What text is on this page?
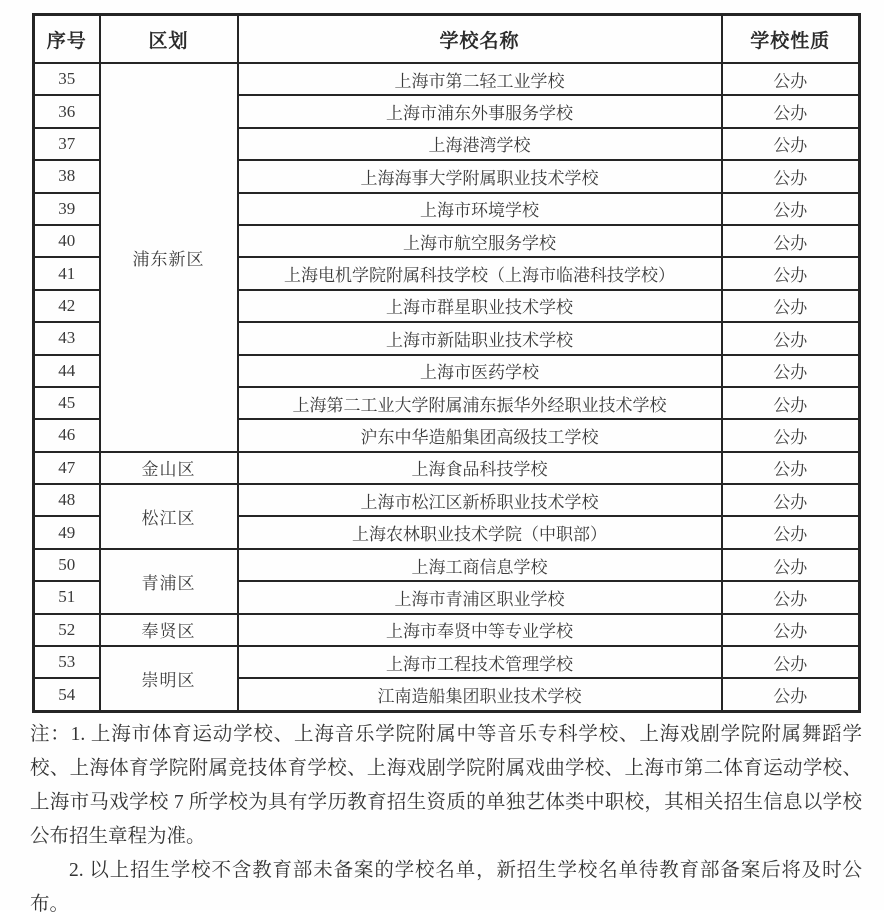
序号	区划	学校名称	学校性质
35	浦东新区	上海市第二轻工业学校	公办
36		上海市浦东外事服务学校	公办
37		上海港湾学校	公办
38		上海海事大学附属职业技术学校	公办
39		上海市环境学校	公办
40		上海市航空服务学校	公办
41		上海电机学院附属科技学校（上海市临港科技学校）	公办
42		上海市群星职业技术学校	公办
43		上海市新陆职业技术学校	公办
44		上海市医药学校	公办
45		上海第二工业大学附属浦东振华外经职业技术学校	公办
46		沪东中华造船集团高级技工学校	公办
47	金山区	上海食品科技学校	公办
48	松江区	上海市松江区新桥职业技术学校	公办
49		上海农林职业技术学院（中职部）	公办
50	青浦区	上海工商信息学校	公办
51		上海市青浦区职业学校	公办
52	奉贤区	上海市奉贤中等专业学校	公办
53	崇明区	上海市工程技术管理学校	公办
54		江南造船集团职业技术学校	公办

注：1. 上海市体育运动学校、上海音乐学院附属中等音乐专科学校、上海戏剧学院附属舞蹈学校、上海体育学院附属竞技体育学校、上海戏剧学院附属戏曲学校、上海市第二体育运动学校、上海市马戏学校 7 所学校为具有学历教育招生资质的单独艺体类中职校，其相关招生信息以学校公布招生章程为准。

2. 以上招生学校不含教育部未备案的学校名单，新招生学校名单待教育部备案后将及时公布。
